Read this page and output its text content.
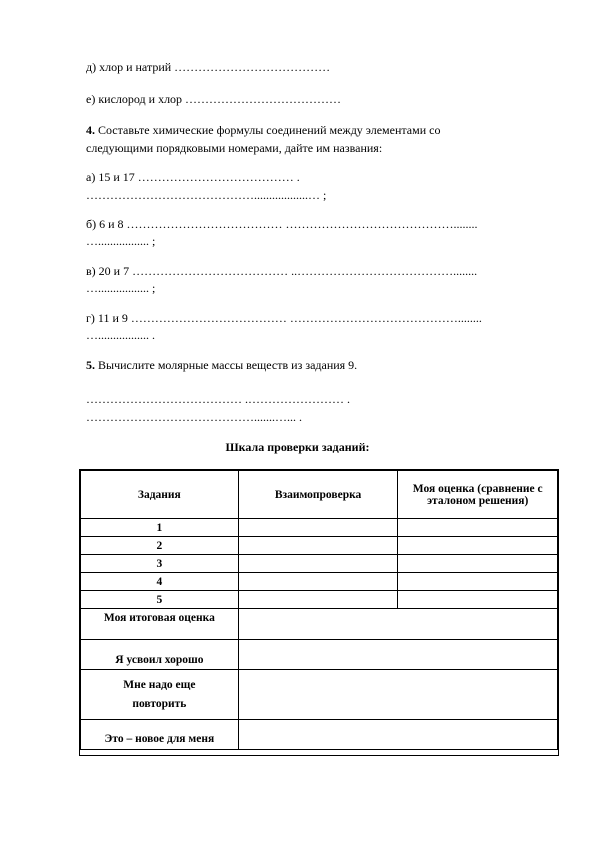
д) хлор и натрий …………………………………
е) кислород и хлор …………………………………
4. Составьте химические формулы соединений между элементами со
следующими порядковыми номерами, дайте им названия:
а) 15 и 17 ………………………………… .
……………………………………..................… ;
б) 6 и 8 ………………………………… ……………………………………........
…................. ;
в) 20 и 7 ………………………………… ..…………………………………........
…................. ;
г) 11 и 9 ………………………………… ……………………………………........
…................. .
5. Вычислите молярные массы веществ из задания 9.
………………………………… .…………………… .
…………………………………….......…... .
Шкала проверки заданий:
Задания	Взаимопроверка	Моя оценка (сравнение с эталоном решения)
1		
2		
3		
4		
5		
Моя итоговая оценка		
Я усвоил хорошо		
Мне надо еще повторить		
Это – новое для меня		
